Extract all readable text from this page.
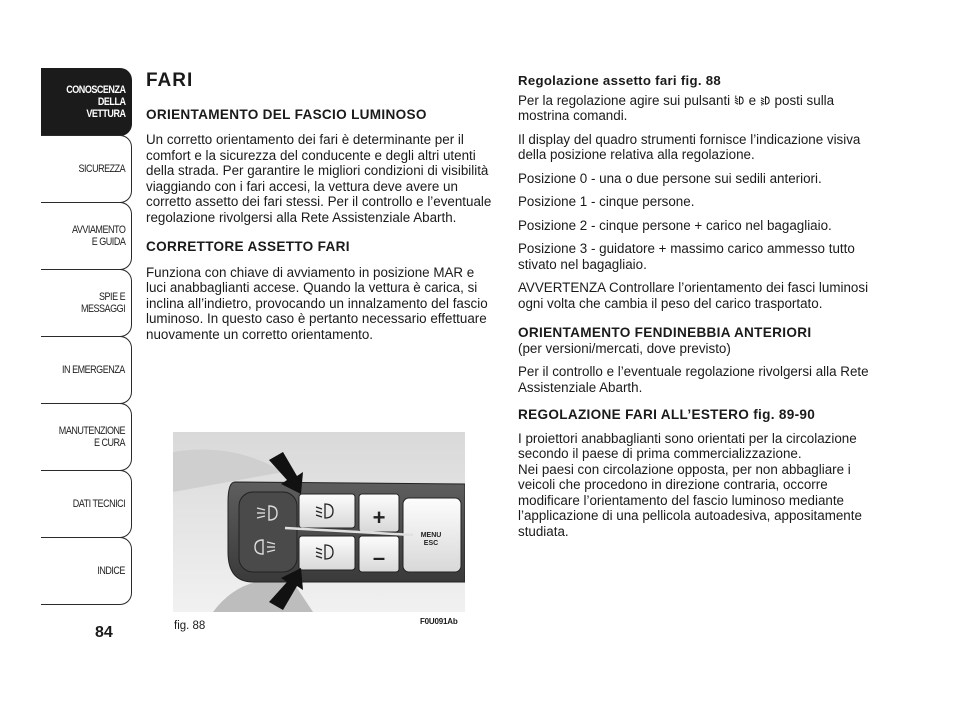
CONOSCENZA
DELLA
VETTURA
SICUREZZA
AVVIAMENTO
E GUIDA
SPIE E
MESSAGGI
IN EMERGENZA
MANUTENZIONE
E CURA
DATI TECNICI
INDICE
84
FARI
ORIENTAMENTO DEL FASCIO LUMINOSO

Un corretto orientamento dei fari è determinante per il comfort e la sicurezza del conducente e degli altri utenti della strada. Per garantire le migliori condizioni di visibilità viaggiando con i fari accesi, la vettura deve avere un corretto assetto dei fari stessi. Per il controllo e l’eventuale regolazione rivolgersi alla Rete Assistenziale Abarth.

CORRETTORE ASSETTO FARI

Funziona con chiave di avviamento in posizione MAR e luci anabbaglianti accese. Quando la vettura è carica, si inclina all’indietro, provocando un innalzamento del fascio luminoso. In questo caso è pertanto necessario effettuare nuovamente un corretto orientamento.

Regolazione assetto fari fig. 88

Per la regolazione agire sui pulsanti e posti sulla mostrina comandi.

Il display del quadro strumenti fornisce l’indicazione visiva della posizione relativa alla regolazione.

Posizione 0 - una o due persone sui sedili anteriori.

Posizione 1 - cinque persone.

Posizione 2 - cinque persone + carico nel bagagliaio.

Posizione 3 - guidatore + massimo carico ammesso tutto stivato nel bagagliaio.

AVVERTENZA Controllare l’orientamento dei fasci luminosi ogni volta che cambia il peso del carico trasportato.

ORIENTAMENTO FENDINEBBIA ANTERIORI

(per versioni/mercati, dove previsto)

Per il controllo e l’eventuale regolazione rivolgersi alla Rete Assistenziale Abarth.

REGOLAZIONE FARI ALL’ESTERO fig. 89-90

I proiettori anabbaglianti sono orientati per la circolazione secondo il paese di prima commercializzazione.

Nei paesi con circolazione opposta, per non abbagliare i veicoli che procedono in direzione contraria, occorre modificare l’orientamento del fascio luminoso mediante l’applicazione di una pellicola autoadesiva, appositamente studiata.

+
–
MENU
ESC
fig. 88	F0U091Ab
